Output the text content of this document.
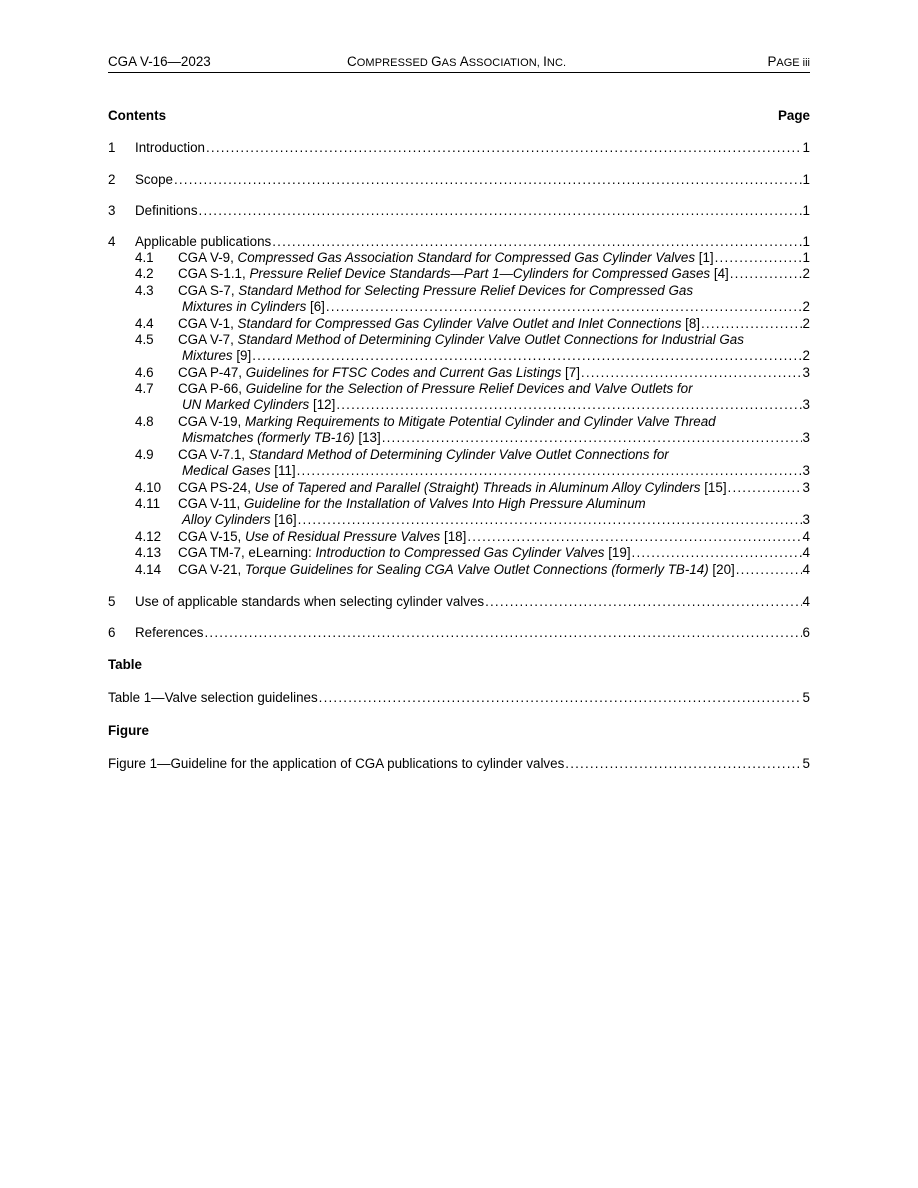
CGA V-16—2023	COMPRESSED GAS ASSOCIATION, INC.	PAGE iii
Contents	Page
1 Introduction .....	1
2 Scope .....	1
3 Definitions .....	1
4 Applicable publications .....	1
4.1 CGA V-9, Compressed Gas Association Standard for Compressed Gas Cylinder Valves [1] .....	1
4.2 CGA S-1.1, Pressure Relief Device Standards—Part 1—Cylinders for Compressed Gases [4] .....	2
4.3 CGA S-7, Standard Method for Selecting Pressure Relief Devices for Compressed Gas
Mixtures in Cylinders [6] .....	2
4.4 CGA V-1, Standard for Compressed Gas Cylinder Valve Outlet and Inlet Connections [8] .....	2
4.5 CGA V-7, Standard Method of Determining Cylinder Valve Outlet Connections for Industrial Gas
Mixtures [9] .....	2
4.6 CGA P-47, Guidelines for FTSC Codes and Current Gas Listings [7] .....	3
4.7 CGA P-66, Guideline for the Selection of Pressure Relief Devices and Valve Outlets for
UN Marked Cylinders [12] .....	3
4.8 CGA V-19, Marking Requirements to Mitigate Potential Cylinder and Cylinder Valve Thread
Mismatches (formerly TB-16) [13] .....	3
4.9 CGA V-7.1, Standard Method of Determining Cylinder Valve Outlet Connections for
Medical Gases [11] .....	3
4.10 CGA PS-24, Use of Tapered and Parallel (Straight) Threads in Aluminum Alloy Cylinders [15] .....	3
4.11 CGA V-11, Guideline for the Installation of Valves Into High Pressure Aluminum
Alloy Cylinders [16] .....	3
4.12 CGA V-15, Use of Residual Pressure Valves [18] .....	4
4.13 CGA TM-7, eLearning: Introduction to Compressed Gas Cylinder Valves [19] .....	4
4.14 CGA V-21, Torque Guidelines for Sealing CGA Valve Outlet Connections (formerly TB-14) [20] .....	4
5 Use of applicable standards when selecting cylinder valves .....	4
6 References .....	6
Table
Table 1—Valve selection guidelines .....	5
Figure
Figure 1—Guideline for the application of CGA publications to cylinder valves .....	5
